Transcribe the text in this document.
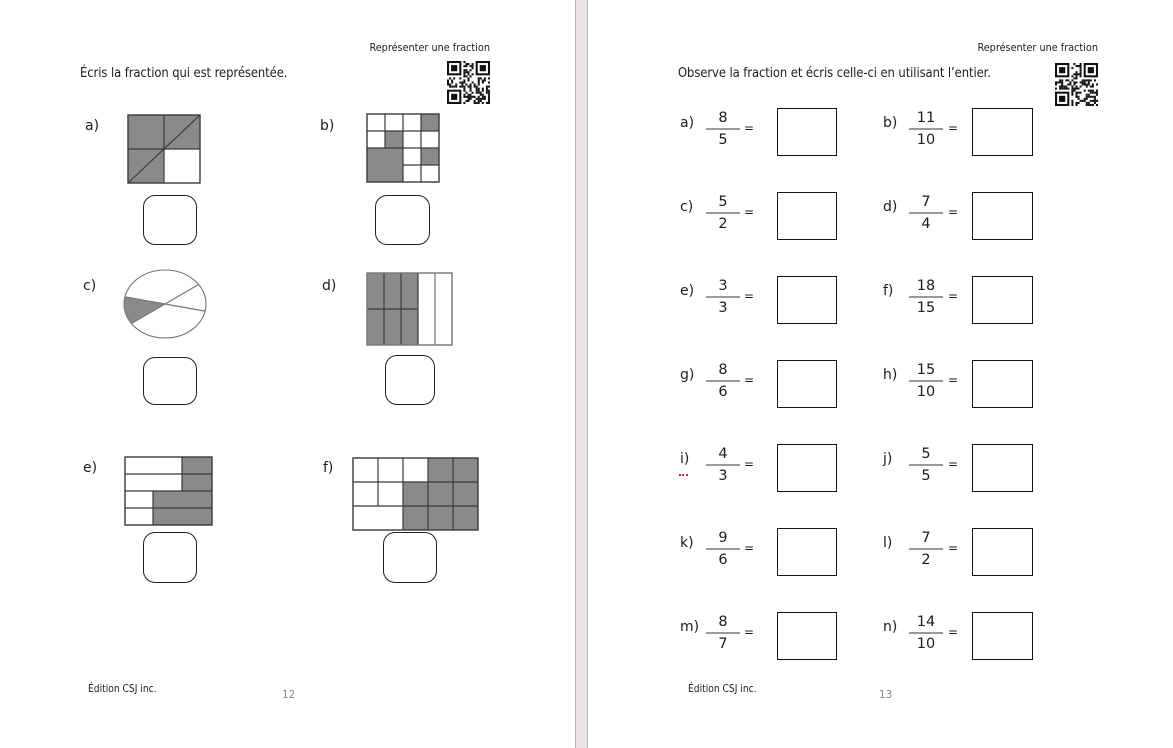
Représenter une fraction
Écris la fraction qui est représentée.
a)	b)
c)	d)
e)	f)
Édition CSJ inc.	12
Représenter une fraction
Observe la fraction et écris celle-ci en utilisant l’entier.
a)	8
5
=	b)	11
10
=
c)	5
2
=	d)	7
4
=
e)	3
3
=	f)	18
15
=
g)	8
6
=	h)	15
10
=
i)	4
3
=	j)	5
5
=
k)	9
6
=	l)	7
2
=
m)	8
7
=	n)	14
10
=
Édition CSJ inc.	13
